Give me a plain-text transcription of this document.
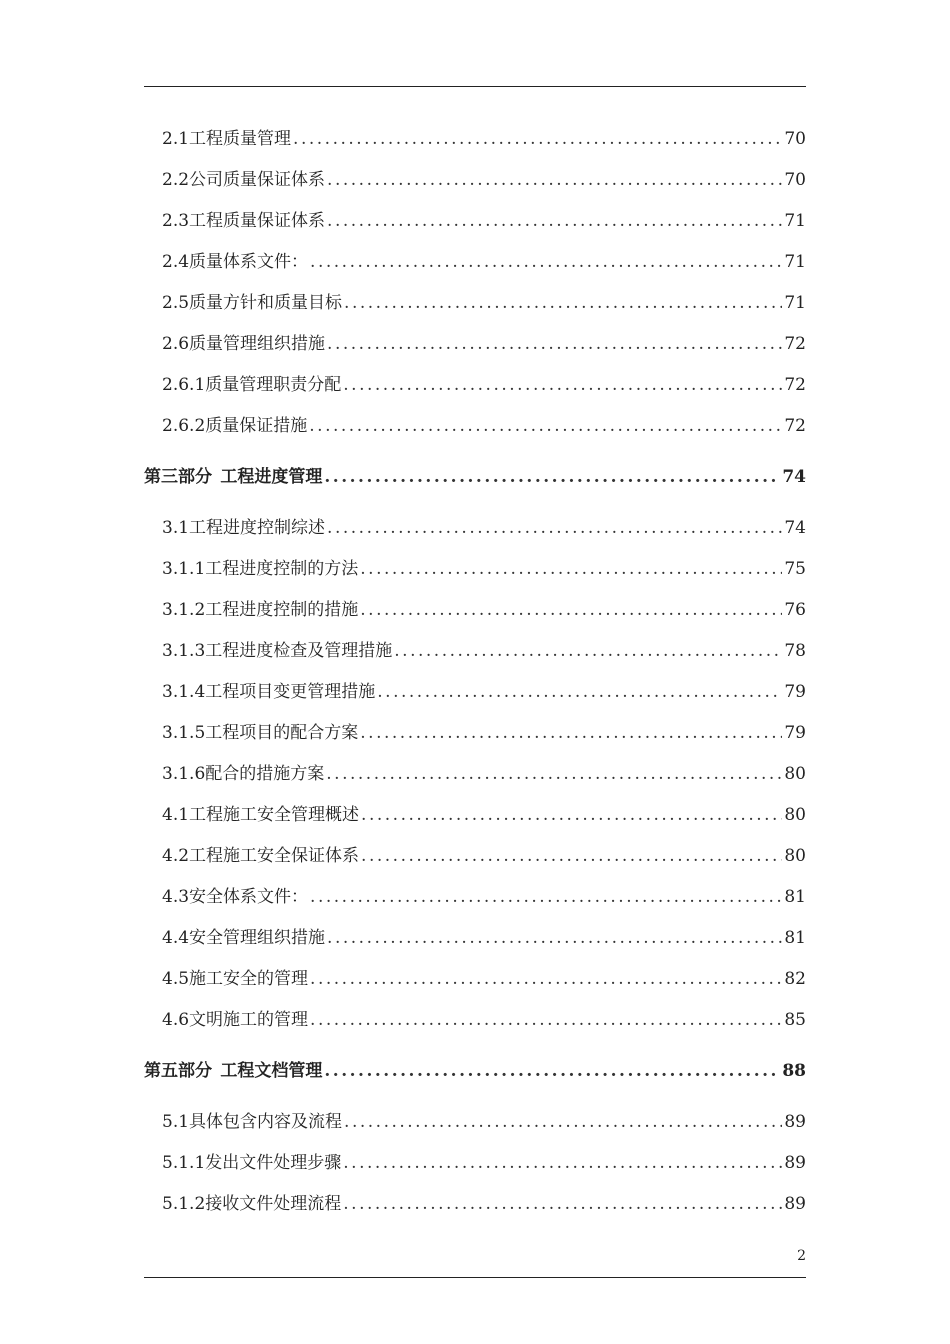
2.1工程质量管理 .....	70
2.2公司质量保证体系 .....	70
2.3工程质量保证体系 .....	71
2.4质量体系文件： .....	71
2.5质量方针和质量目标 .....	71
2.6质量管理组织措施 .....	72
2.6.1质量管理职责分配 .....	72
2.6.2质量保证措施 .....	72
第三部分 工程进度管理 .....	74
3.1工程进度控制综述 .....	74
3.1.1工程进度控制的方法 .....	75
3.1.2工程进度控制的措施 .....	76
3.1.3工程进度检查及管理措施 .....	78
3.1.4工程项目变更管理措施 .....	79
3.1.5工程项目的配合方案 .....	79
3.1.6配合的措施方案 .....	80
4.1工程施工安全管理概述 .....	80
4.2工程施工安全保证体系 .....	80
4.3安全体系文件： .....	81
4.4安全管理组织措施 .....	81
4.5施工安全的管理 .....	82
4.6文明施工的管理 .....	85
第五部分 工程文档管理 .....	88
5.1具体包含内容及流程 .....	89
5.1.1发出文件处理步骤 .....	89
5.1.2接收文件处理流程 .....	89
2
